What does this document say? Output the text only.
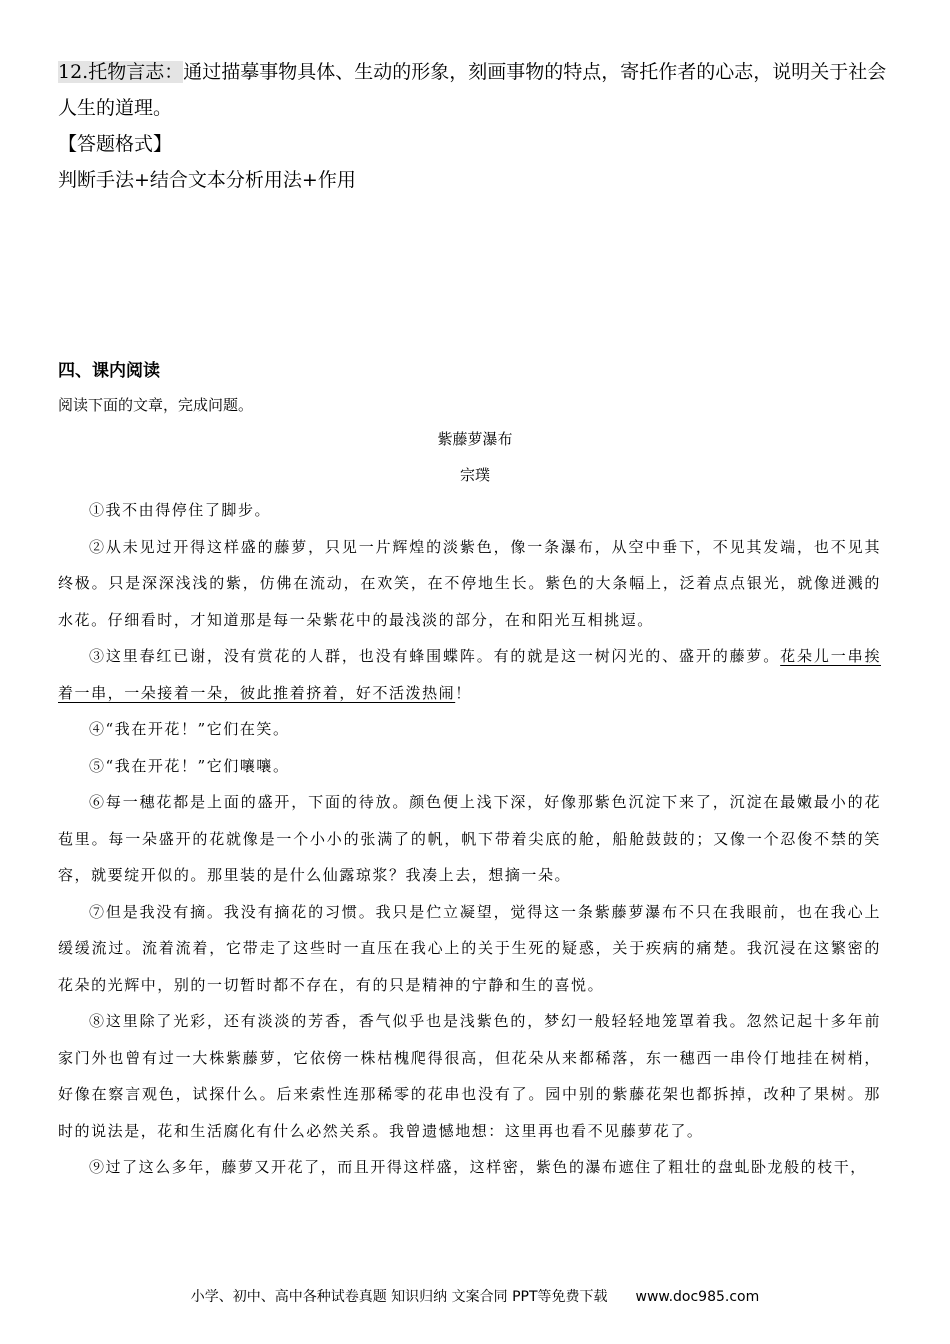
12.托物言志：通过描摹事物具体、生动的形象，刻画事物的特点，寄托作者的心志，说明关于社会人生的道理。
【答题格式】
判断手法+结合文本分析用法+作用
四、课内阅读
阅读下面的文章，完成问题。
紫藤萝瀑布
宗璞

①我不由得停住了脚步。

②从未见过开得这样盛的藤萝，只见一片辉煌的淡紫色，像一条瀑布，从空中垂下，不见其发端，也不见其终极。只是深深浅浅的紫，仿佛在流动，在欢笑，在不停地生长。紫色的大条幅上，泛着点点银光，就像迸溅的水花。仔细看时，才知道那是每一朵紫花中的最浅淡的部分，在和阳光互相挑逗。

③这里春红已谢，没有赏花的人群，也没有蜂围蝶阵。有的就是这一树闪光的、盛开的藤萝。花朵儿一串挨着一串，一朵接着一朵，彼此推着挤着，好不活泼热闹！

④“我在开花！”它们在笑。

⑤“我在开花！”它们嚷嚷。

⑥每一穗花都是上面的盛开，下面的待放。颜色便上浅下深，好像那紫色沉淀下来了，沉淀在最嫩最小的花苞里。每一朵盛开的花就像是一个小小的张满了的帆，帆下带着尖底的舱，船舱鼓鼓的；又像一个忍俊不禁的笑容，就要绽开似的。那里装的是什么仙露琼浆？我凑上去，想摘一朵。

⑦但是我没有摘。我没有摘花的习惯。我只是伫立凝望，觉得这一条紫藤萝瀑布不只在我眼前，也在我心上缓缓流过。流着流着，它带走了这些时一直压在我心上的关于生死的疑惑，关于疾病的痛楚。我沉浸在这繁密的花朵的光辉中，别的一切暂时都不存在，有的只是精神的宁静和生的喜悦。

⑧这里除了光彩，还有淡淡的芳香，香气似乎也是浅紫色的，梦幻一般轻轻地笼罩着我。忽然记起十多年前家门外也曾有过一大株紫藤萝，它依傍一株枯槐爬得很高，但花朵从来都稀落，东一穗西一串伶仃地挂在树梢，好像在察言观色，试探什么。后来索性连那稀零的花串也没有了。园中别的紫藤花架也都拆掉，改种了果树。那时的说法是，花和生活腐化有什么必然关系。我曾遗憾地想：这里再也看不见藤萝花了。

⑨过了这么多年，藤萝又开花了，而且开得这样盛，这样密，紫色的瀑布遮住了粗壮的盘虬卧龙般的枝干，

小学、初中、高中各种试卷真题 知识归纳 文案合同 PPT等免费下载 www.doc985.com
